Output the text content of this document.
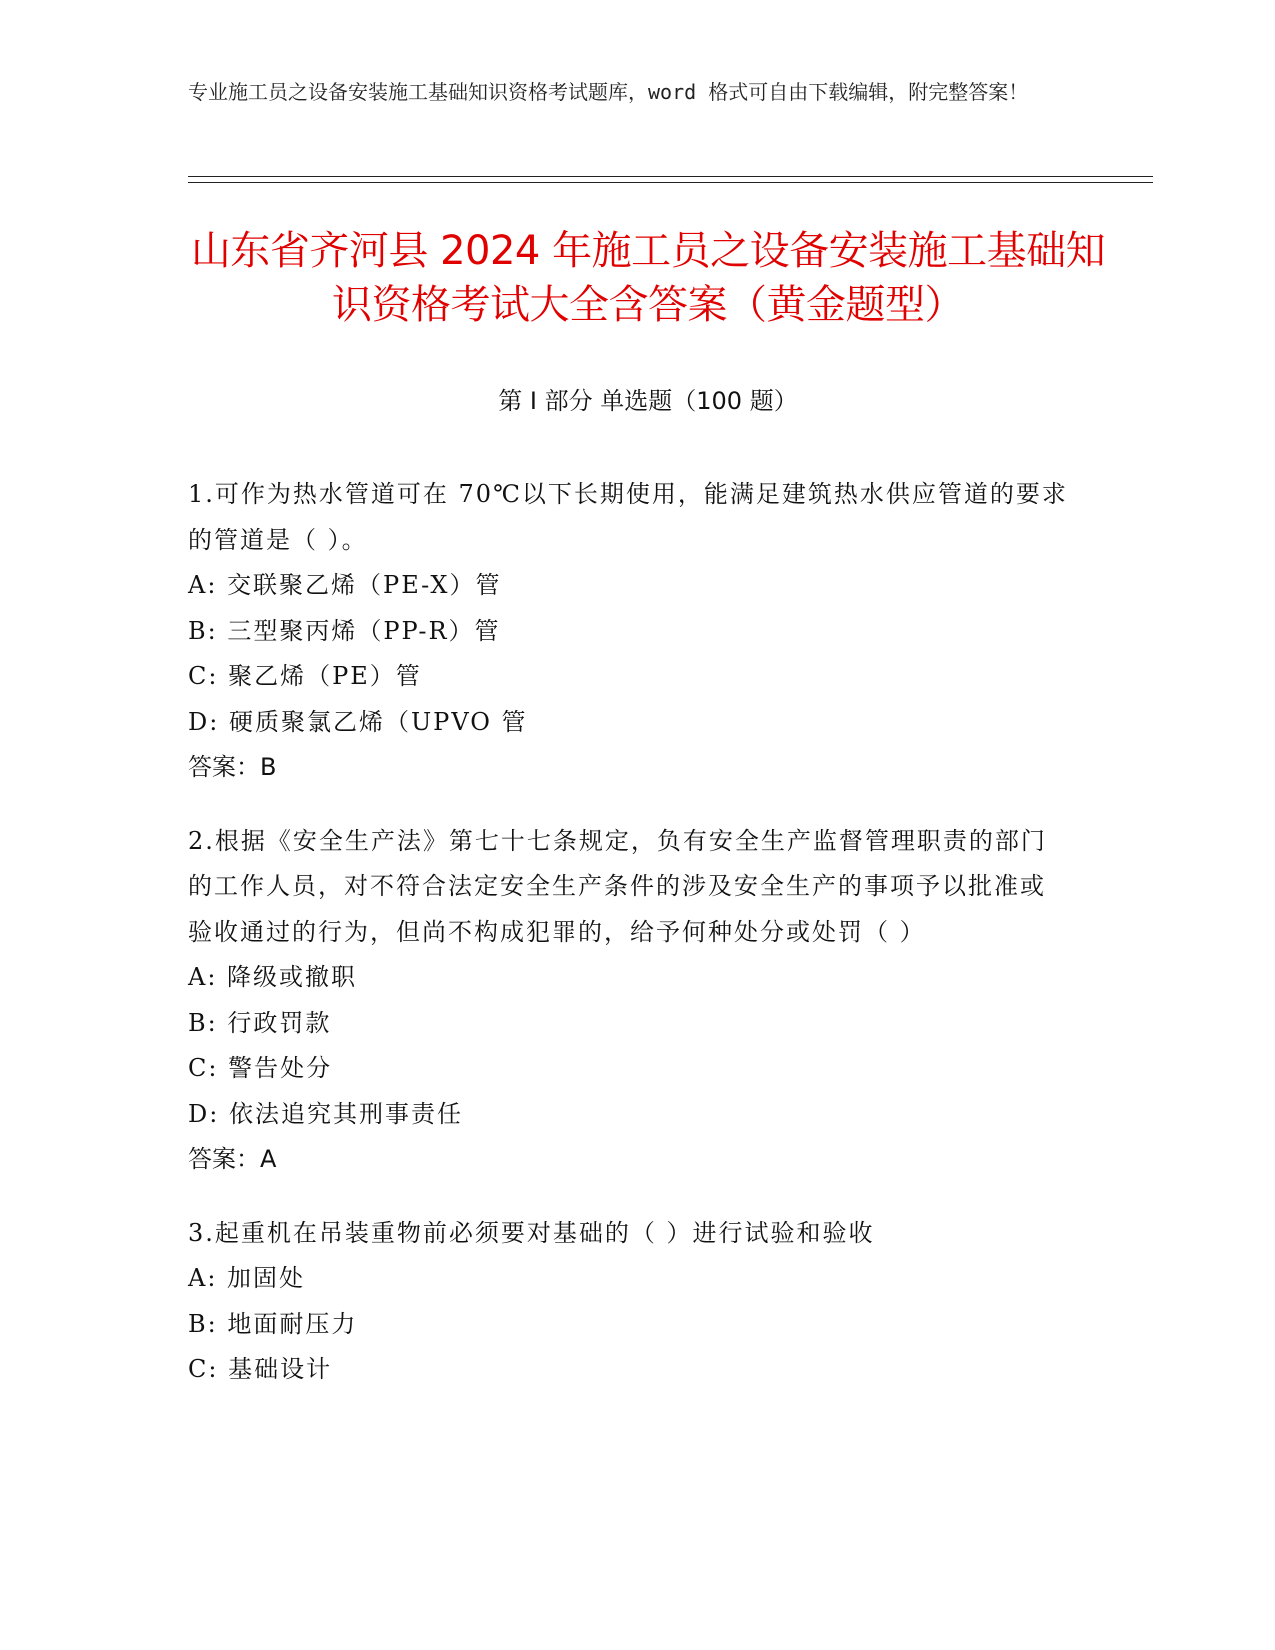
专业施工员之设备安装施工基础知识资格考试题库，word 格式可自由下载编辑，附完整答案！

山东省齐河县 2024 年施工员之设备安装施工基础知识资格考试大全含答案（黄金题型）
第 I 部分 单选题（100 题）

1.可作为热水管道可在 70℃以下长期使用，能满足建筑热水供应管道的要求的管道是（ ）。

A: 交联聚乙烯（PE-X）管

B: 三型聚丙烯（PP-R）管

C: 聚乙烯（PE）管

D: 硬质聚氯乙烯（UPVO 管

答案：B

2.根据《安全生产法》第七十七条规定，负有安全生产监督管理职责的部门的工作人员，对不符合法定安全生产条件的涉及安全生产的事项予以批准或验收通过的行为，但尚不构成犯罪的，给予何种处分或处罚（ ）

A: 降级或撤职

B: 行政罚款

C: 警告处分

D: 依法追究其刑事责任

答案：A

3.起重机在吊装重物前必须要对基础的（ ）进行试验和验收

A: 加固处

B: 地面耐压力

C: 基础设计
